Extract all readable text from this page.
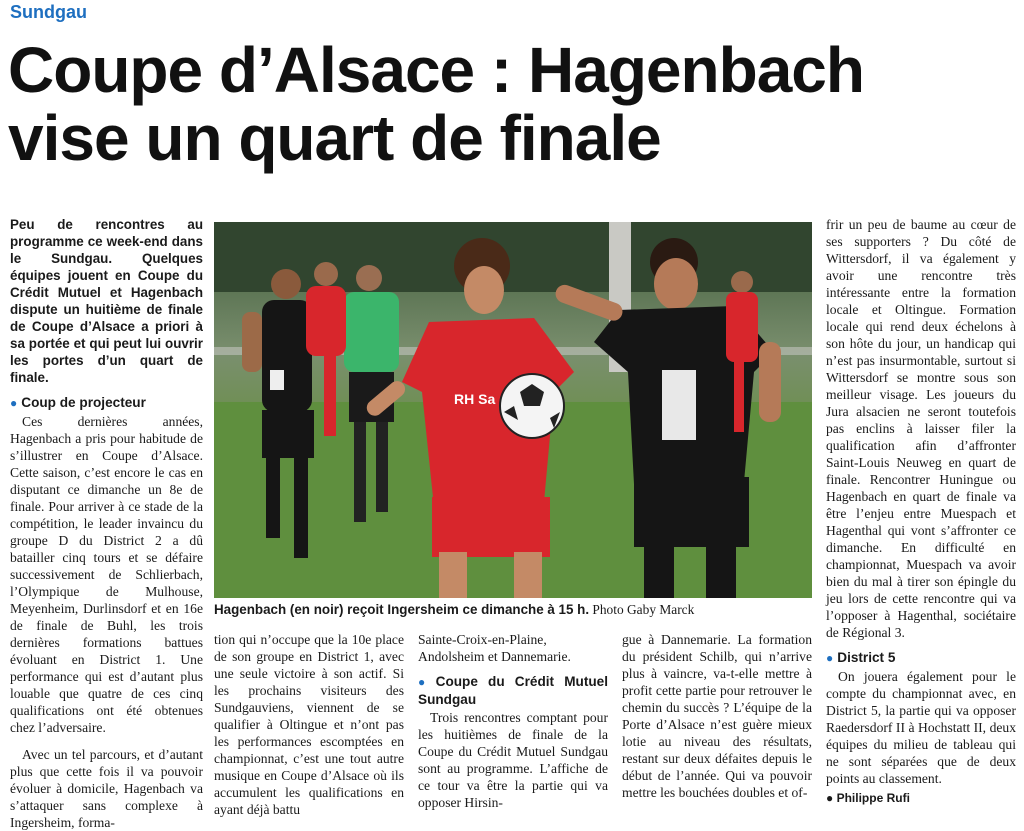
Sundgau
Coupe d’Alsace : Hagenbach
vise un quart de finale

Peu de rencontres au programme ce week-end dans le Sundgau. Quelques équipes jouent en Coupe du Crédit Mutuel et Hagenbach dispute un huitième de finale de Coupe d’Alsace a priori à sa portée et qui peut lui ouvrir les portes d’un quart de finale.

● Coup de projecteur

Ces dernières années, Hagenbach a pris pour habitude de s’illustrer en Coupe d’Alsace. Cette saison, c’est encore le cas en disputant ce dimanche un 8e de finale. Pour arriver à ce stade de la compétition, le leader invaincu du groupe D du District 2 a dû batailler cinq tours et se défaire successivement de Schlierbach, l’Olympique de Mulhouse, Meyenheim, Durlinsdorf et en 16e de finale de Buhl, les trois dernières formations battues évoluant en District 1. Une performance qui est d’autant plus louable que quatre de ces cinq qualifications ont été obtenues chez l’adversaire.

Avec un tel parcours, et d’autant plus que cette fois il va pouvoir évoluer à domicile, Hagenbach va s’attaquer sans complexe à Ingersheim, forma-

RH Sa
Hagenbach (en noir) reçoit Ingersheim ce dimanche à 15 h. Photo Gaby Marck

tion qui n’occupe que la 10e place de son groupe en District 1, avec une seule victoire à son actif. Si les prochains visiteurs des Sundgauviens, viennent de se qualifier à Oltingue et n’ont pas les performances escomptées en championnat, c’est une tout autre musique en Coupe d’Alsace où ils accumulent les qualifications en ayant déjà battu

Sainte-Croix-en-Plaine, Andolsheim et Dannemarie.

● Coupe du Crédit Mutuel Sundgau

Trois rencontres comptant pour les huitièmes de finale de la Coupe du Crédit Mutuel Sundgau sont au programme. L’affiche de ce tour va être la partie qui va opposer Hirsin-

gue à Dannemarie. La formation du président Schilb, qui n’arrive plus à vaincre, va-t-elle mettre à profit cette partie pour retrouver le chemin du succès ? L’équipe de la Porte d’Alsace n’est guère mieux lotie au niveau des résultats, restant sur deux défaites depuis le début de l’année. Qui va pouvoir mettre les bouchées doubles et of-

frir un peu de baume au cœur de ses supporters ? Du côté de Wittersdorf, il va également y avoir une rencontre très intéressante entre la formation locale et Oltingue. Formation locale qui rend deux échelons à son hôte du jour, un handicap qui n’est pas insurmontable, surtout si Wittersdorf se montre sous son meilleur visage. Les joueurs du Jura alsacien ne seront toutefois pas enclins à laisser filer la qualification afin d’affronter Saint-Louis Neuweg en quart de finale. Rencontrer Huningue ou Hagenbach en quart de finale va être l’enjeu entre Muespach et Hagenthal qui vont s’affronter ce dimanche. En difficulté en championnat, Muespach va avoir bien du mal à tirer son épingle du jeu lors de cette rencontre qui va l’opposer à Hagenthal, sociétaire de Régional 3.

● District 5

On jouera également pour le compte du championnat avec, en District 5, la partie qui va opposer Raedersdorf II à Hochstatt II, deux équipes du milieu de tableau qui ne sont séparées que de deux points au classement.

● Philippe Rufi
